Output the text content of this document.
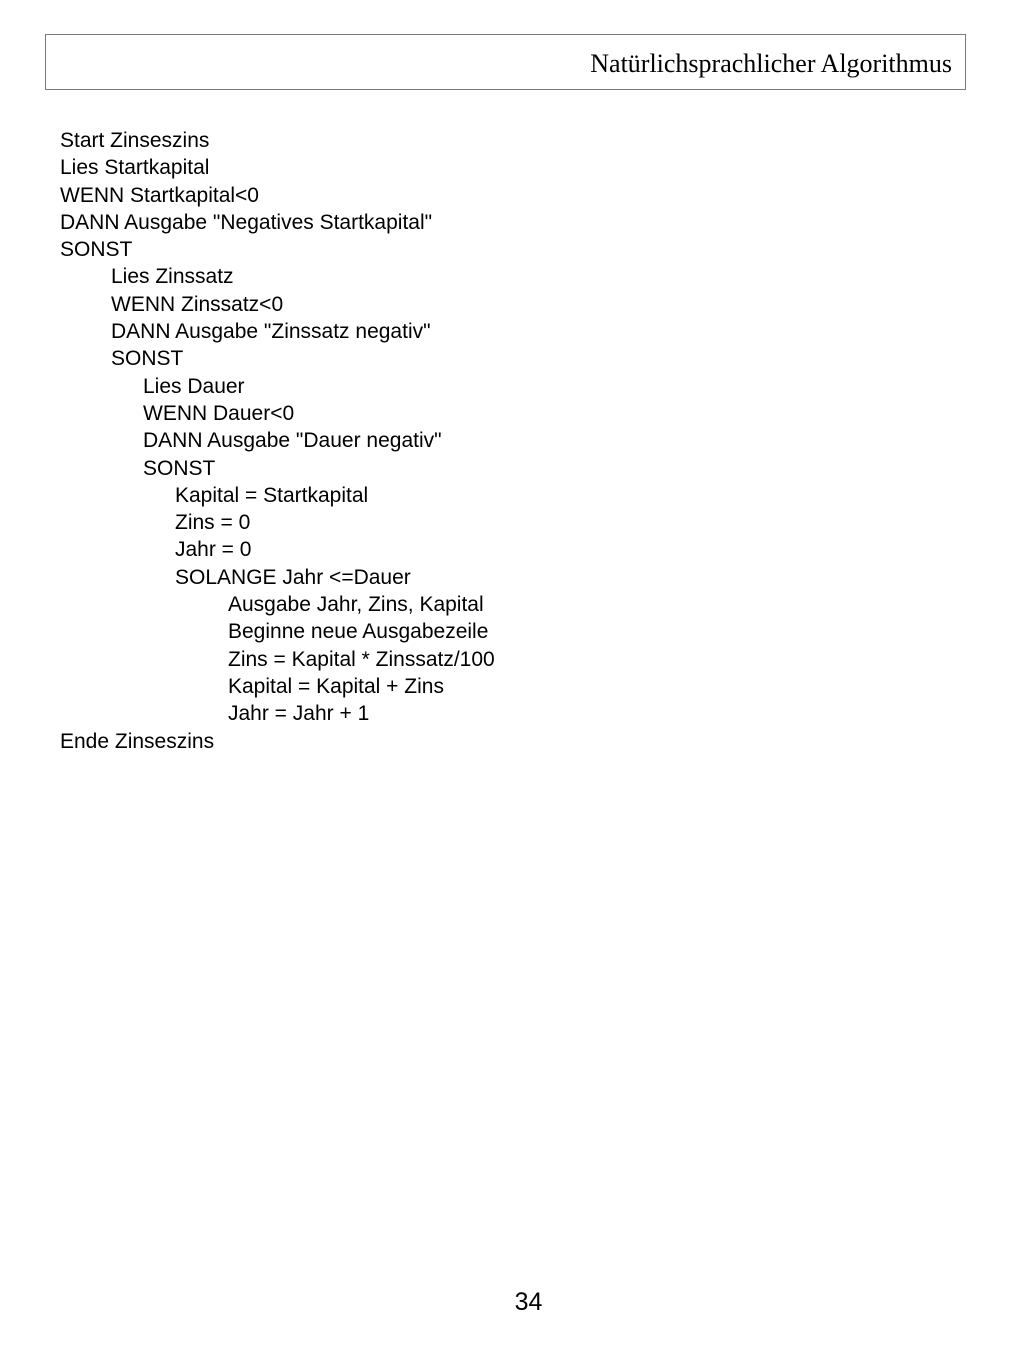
Natürlichsprachlicher Algorithmus
Start Zinseszins
Lies Startkapital
WENN Startkapital<0
DANN Ausgabe "Negatives Startkapital"
SONST
Lies Zinssatz
WENN Zinssatz<0
DANN Ausgabe "Zinssatz negativ"
SONST
Lies Dauer
WENN Dauer<0
DANN Ausgabe "Dauer negativ"
SONST
Kapital = Startkapital
Zins = 0
Jahr = 0
SOLANGE Jahr <=Dauer
Ausgabe Jahr, Zins, Kapital
Beginne neue Ausgabezeile
Zins = Kapital * Zinssatz/100
Kapital = Kapital + Zins
Jahr = Jahr + 1
Ende Zinseszins
34
